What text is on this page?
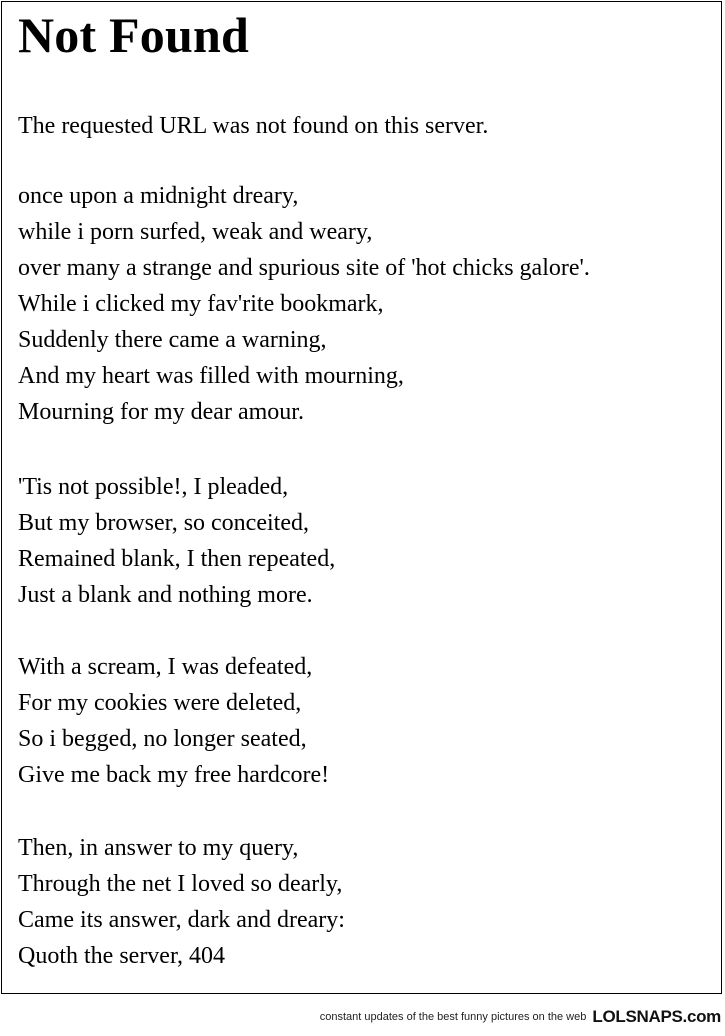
Not Found

The requested URL was not found on this server.

once upon a midnight dreary,
while i porn surfed, weak and weary,
over many a strange and spurious site of 'hot chicks galore'.
While i clicked my fav'rite bookmark,
Suddenly there came a warning,
And my heart was filled with mourning,
Mourning for my dear amour.
'Tis not possible!, I pleaded,
But my browser, so conceited,
Remained blank, I then repeated,
Just a blank and nothing more.
With a scream, I was defeated,
For my cookies were deleted,
So i begged, no longer seated,
Give me back my free hardcore!
Then, in answer to my query,
Through the net I loved so dearly,
Came its answer, dark and dreary:
Quoth the server, 404
constant updates of the best funny pictures on the web LOLSNAPS.com
